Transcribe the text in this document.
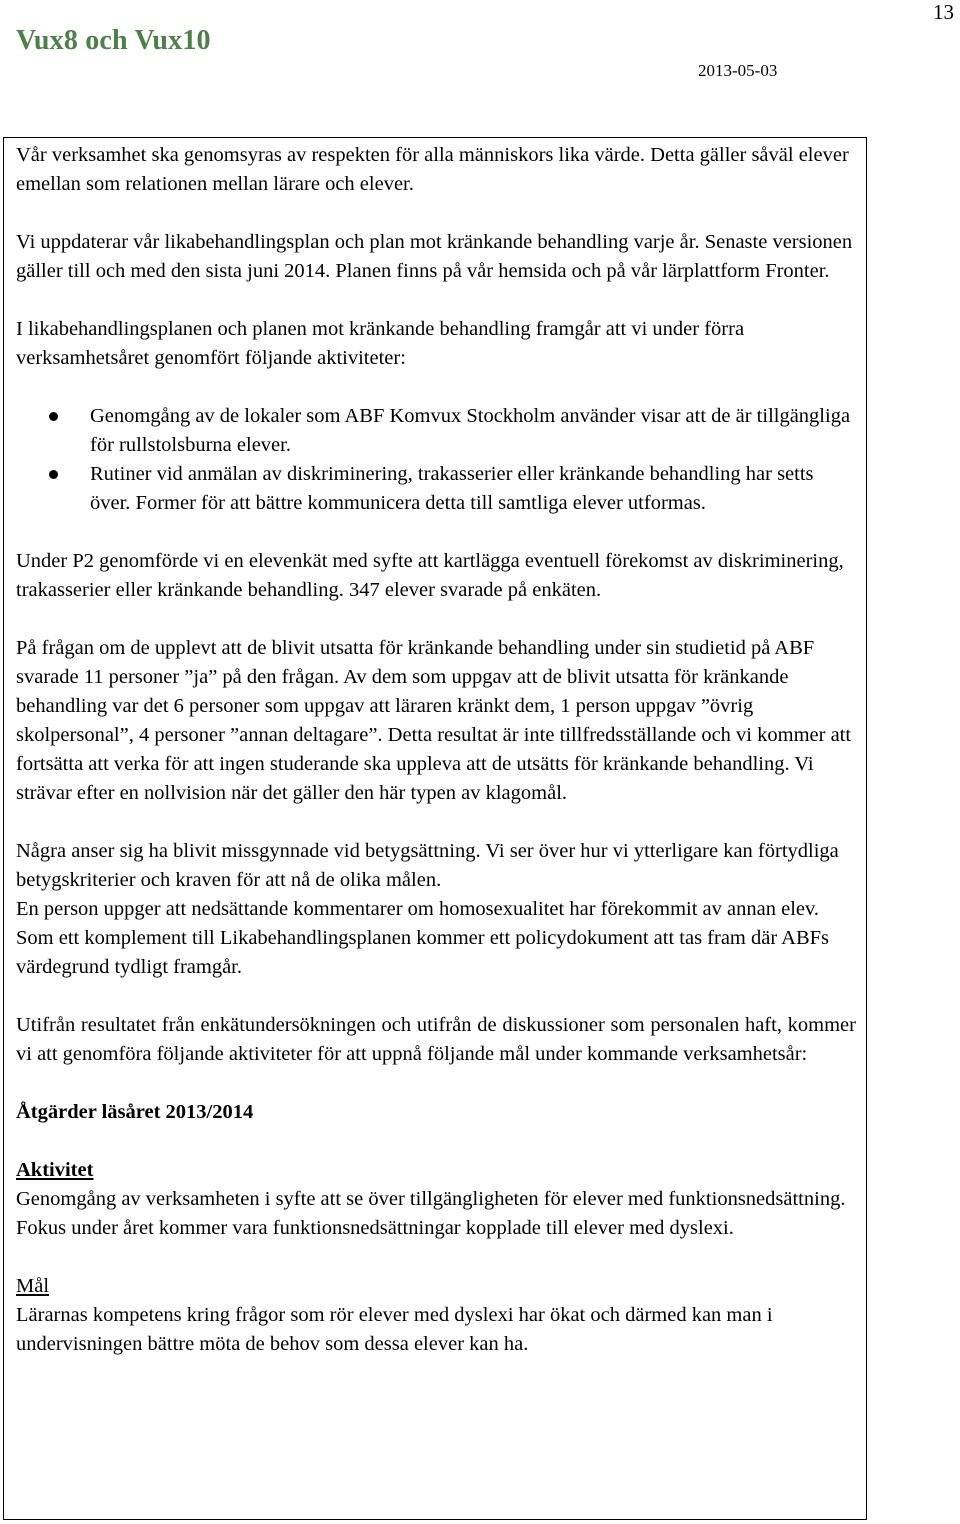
13
Vux8 och Vux10
2013-05-03

Vår verksamhet ska genomsyras av respekten för alla människors lika värde. Detta gäller såväl elever emellan som relationen mellan lärare och elever.

Vi uppdaterar vår likabehandlingsplan och plan mot kränkande behandling varje år. Senaste versionen gäller till och med den sista juni 2014. Planen finns på vår hemsida och på vår lärplattform Fronter.

I likabehandlingsplanen och planen mot kränkande behandling framgår att vi under förra verksamhetsåret genomfört följande aktiviteter:

Genomgång av de lokaler som ABF Komvux Stockholm använder visar att de är tillgängliga för rullstolsburna elever.
Rutiner vid anmälan av diskriminering, trakasserier eller kränkande behandling har setts över. Former för att bättre kommunicera detta till samtliga elever utformas.

Under P2 genomförde vi en elevenkät med syfte att kartlägga eventuell förekomst av diskriminering, trakasserier eller kränkande behandling. 347 elever svarade på enkäten.

På frågan om de upplevt att de blivit utsatta för kränkande behandling under sin studietid på ABF svarade 11 personer ”ja” på den frågan. Av dem som uppgav att de blivit utsatta för kränkande behandling var det 6 personer som uppgav att läraren kränkt dem, 1 person uppgav ”övrig skolpersonal”, 4 personer ”annan deltagare”. Detta resultat är inte tillfredsställande och vi kommer att fortsätta att verka för att ingen studerande ska uppleva att de utsätts för kränkande behandling. Vi strävar efter en nollvision när det gäller den här typen av klagomål.

Några anser sig ha blivit missgynnade vid betygsättning. Vi ser över hur vi ytterligare kan förtydliga betygskriterier och kraven för att nå de olika målen.

En person uppger att nedsättande kommentarer om homosexualitet har förekommit av annan elev. Som ett komplement till Likabehandlingsplanen kommer ett policydokument att tas fram där ABFs värdegrund tydligt framgår.

Utifrån resultatet från enkätundersökningen och utifrån de diskussioner som personalen haft, kommer vi att genomföra följande aktiviteter för att uppnå följande mål under kommande verksamhetsår:

Åtgärder läsåret 2013/2014

Aktivitet

Genomgång av verksamheten i syfte att se över tillgängligheten för elever med funktionsnedsättning. Fokus under året kommer vara funktionsnedsättningar kopplade till elever med dyslexi.

Mål

Lärarnas kompetens kring frågor som rör elever med dyslexi har ökat och därmed kan man i undervisningen bättre möta de behov som dessa elever kan ha.
